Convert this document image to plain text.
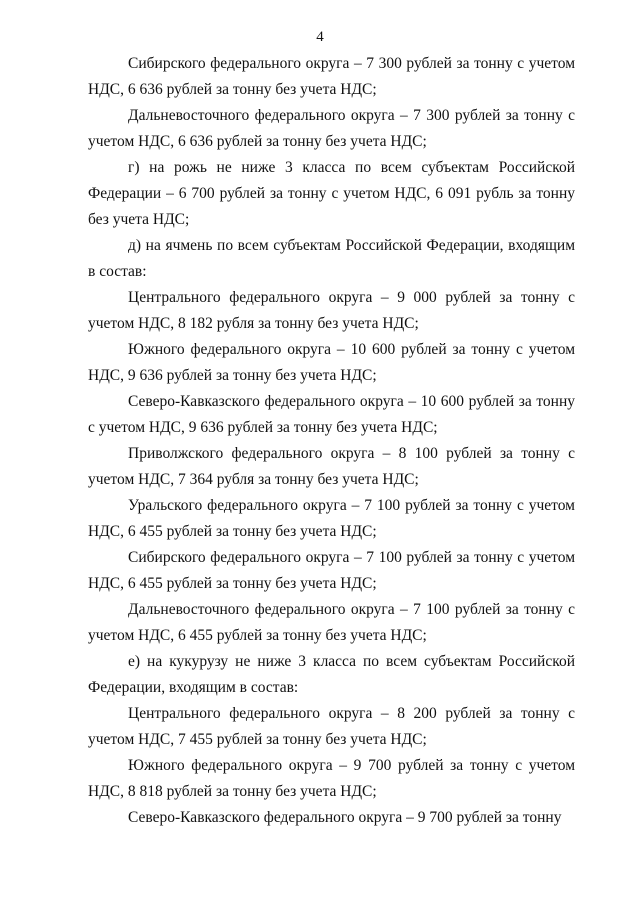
4

Сибирского федерального округа – 7 300 рублей за тонну с учетом НДС, 6 636 рублей за тонну без учета НДС;

Дальневосточного федерального округа – 7 300 рублей за тонну с учетом НДС, 6 636 рублей за тонну без учета НДС;

г) на рожь не ниже 3 класса по всем субъектам Российской Федерации – 6 700 рублей за тонну с учетом НДС, 6 091 рубль за тонну без учета НДС;

д) на ячмень по всем субъектам Российской Федерации, входящим в состав:

Центрального федерального округа – 9 000 рублей за тонну с учетом НДС, 8 182 рубля за тонну без учета НДС;

Южного федерального округа – 10 600 рублей за тонну с учетом НДС, 9 636 рублей за тонну без учета НДС;

Северо-Кавказского федерального округа – 10 600 рублей за тонну с учетом НДС, 9 636 рублей за тонну без учета НДС;

Приволжского федерального округа – 8 100 рублей за тонну с учетом НДС, 7 364 рубля за тонну без учета НДС;

Уральского федерального округа – 7 100 рублей за тонну с учетом НДС, 6 455 рублей за тонну без учета НДС;

Сибирского федерального округа – 7 100 рублей за тонну с учетом НДС, 6 455 рублей за тонну без учета НДС;

Дальневосточного федерального округа – 7 100 рублей за тонну с учетом НДС, 6 455 рублей за тонну без учета НДС;

е) на кукурузу не ниже 3 класса по всем субъектам Российской Федерации, входящим в состав:

Центрального федерального округа – 8 200 рублей за тонну с учетом НДС, 7 455 рублей за тонну без учета НДС;

Южного федерального округа – 9 700 рублей за тонну с учетом НДС, 8 818 рублей за тонну без учета НДС;

Северо-Кавказского федерального округа – 9 700 рублей за тонну
